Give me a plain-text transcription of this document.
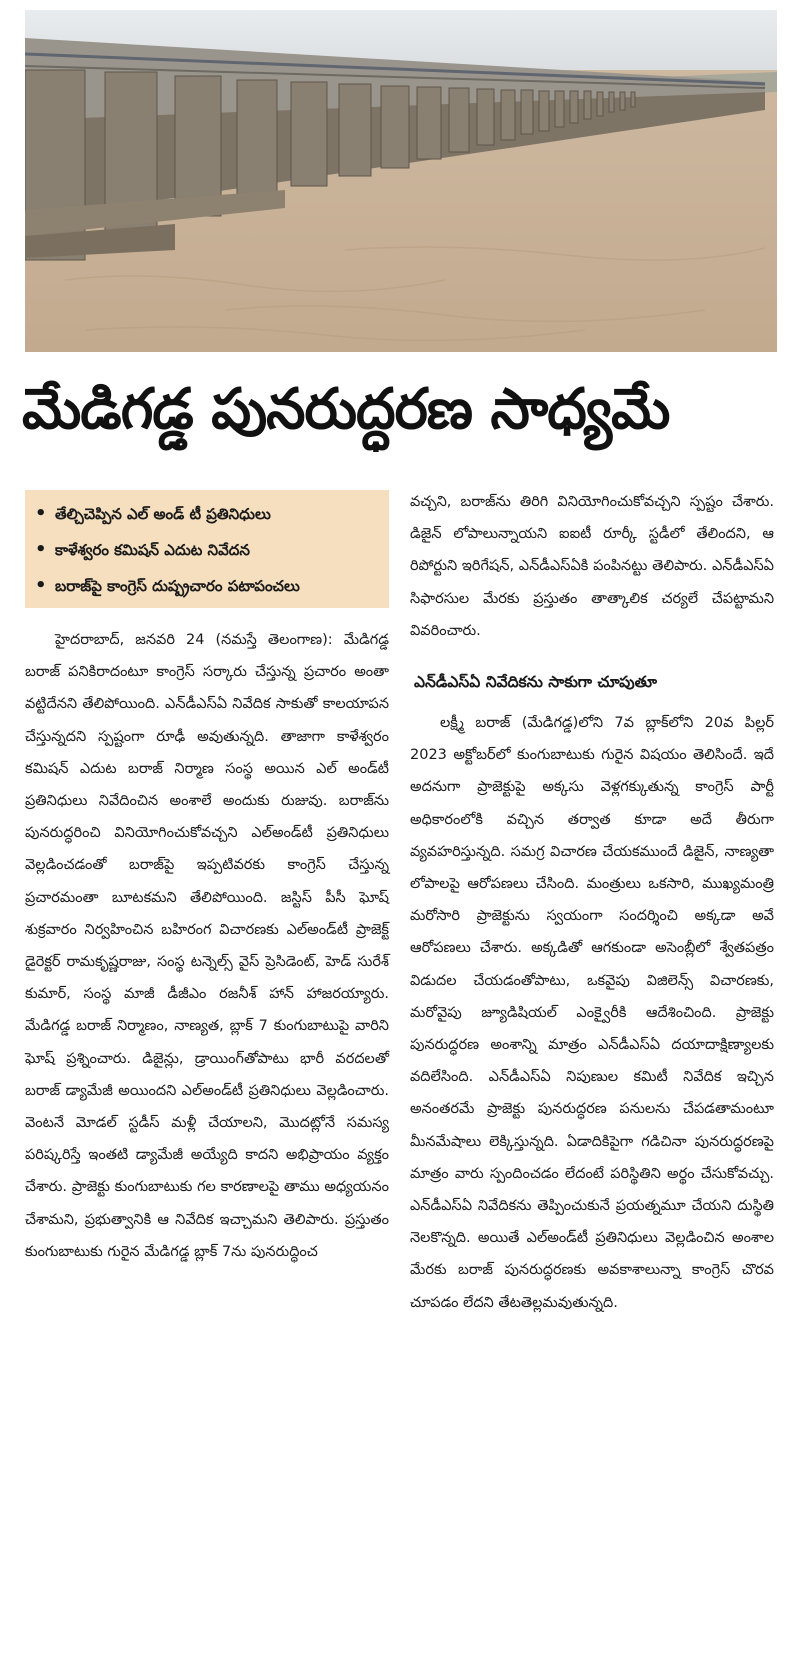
మేడిగడ్డ పునరుద్ధరణ సాధ్యమే
• తేల్చిచెప్పిన ఎల్‌ అండ్‌ టీ ప్రతినిధులు
• కాళేశ్వరం కమిషన్‌ ఎదుట నివేదన
• బరాజ్‌పై కాంగ్రెస్‌ దుష్ప్రచారం పటాపంచలు

హైదరాబాద్‌, జనవరి 24 (నమస్తే తెలంగాణ): మేడిగడ్డ బరాజ్‌ పనికిరాదంటూ కాంగ్రెస్‌ సర్కారు చేస్తున్న ప్రచారం అంతా వట్టిదేనని తేలిపోయింది. ఎన్‌డీఎస్‌ఏ నివేదిక సాకుతో కాలయాపన చేస్తున్నదని స్పష్టంగా రూఢీ అవుతున్నది. తాజాగా కాళేశ్వరం కమిషన్‌ ఎదుట బరాజ్‌ నిర్మాణ సంస్థ అయిన ఎల్‌ అండ్‌టీ ప్రతినిధులు నివేదించిన అంశాలే అందుకు రుజువు. బరాజ్‌ను పునరుద్ధరించి వినియోగించుకోవచ్చని ఎల్‌అండ్‌టీ ప్రతినిధులు వెల్లడించడంతో బరాజ్‌పై ఇప్పటివరకు కాంగ్రెస్‌ చేస్తున్న ప్రచారమంతా బూటకమని తేలిపోయింది. జస్టిస్‌ పీసీ ఘోష్‌ శుక్రవారం నిర్వహించిన బహిరంగ విచారణకు ఎల్‌అండ్‌టీ ప్రాజెక్ట్‌ డైరెక్టర్‌ రామకృష్ణరాజు, సంస్థ టన్నెల్స్‌ వైస్‌ ప్రెసిడెంట్‌, హెడ్‌ సురేశ్‌ కుమార్‌, సంస్థ మాజీ డీజీఎం రజనీశ్‌ హాన్‌ హాజరయ్యారు. మేడిగడ్డ బరాజ్‌ నిర్మాణం, నాణ్యత, బ్లాక్‌ 7 కుంగుబాటుపై వారిని ఘోష్‌ ప్రశ్నించారు. డిజైన్లు, డ్రాయింగ్‌తోపాటు భారీ వరదలతో బరాజ్‌ డ్యామేజీ అయిందని ఎల్‌అండ్‌టీ ప్రతినిధులు వెల్లడించారు. వెంటనే మోడల్‌ స్టడీస్‌ మళ్లీ చేయాలని, మొదట్లోనే సమస్య పరిష్కరిస్తే ఇంతటి డ్యామేజీ అయ్యేది కాదని అభిప్రాయం వ్యక్తం చేశారు. ప్రాజెక్టు కుంగుబాటుకు గల కారణాలపై తాము అధ్యయనం చేశామని, ప్రభుత్వానికి ఆ నివేదిక ఇచ్చామని తెలిపారు. ప్రస్తుతం కుంగుబాటుకు గురైన మేడిగడ్డ బ్లాక్‌ 7ను పునరుద్ధించ

వచ్చని, బరాజ్‌ను తిరిగి వినియోగించుకోవచ్చని స్పష్టం చేశారు. డిజైన్‌ లోపాలున్నాయని ఐఐటీ రూర్కీ స్టడీలో తేలిందని, ఆ రిపోర్టుని ఇరిగేషన్‌, ఎన్‌డీఎస్‌ఏకి పంపినట్టు తెలిపారు. ఎన్‌డీఎస్‌ఏ సిఫారసుల మేరకు ప్రస్తుతం తాత్కాలిక చర్యలే చేపట్టామని వివరించారు.

ఎన్‌డీఎస్‌ఏ నివేదికను సాకుగా చూపుతూ

లక్ష్మీ బరాజ్‌ (మేడిగడ్డ)లోని 7వ బ్లాక్‌లోని 20వ పిల్లర్‌ 2023 అక్టోబర్‌లో కుంగుబాటుకు గురైన విషయం తెలిసిందే. ఇదే అదనుగా ప్రాజెక్టుపై అక్కసు వెళ్లగక్కుతున్న కాంగ్రెస్‌ పార్టీ అధికారంలోకి వచ్చిన తర్వాత కూడా అదే తీరుగా వ్యవహరిస్తున్నది. సమగ్ర విచారణ చేయకముందే డిజైన్‌, నాణ్యతా లోపాలపై ఆరోపణలు చేసింది. మంత్రులు ఒకసారి, ముఖ్యమంత్రి మరోసారి ప్రాజెక్టును స్వయంగా సందర్శించి అక్కడా అవే ఆరోపణలు చేశారు. అక్కడితో ఆగకుండా అసెంబ్లీలో శ్వేతపత్రం విడుదల చేయడంతోపాటు, ఒకవైపు విజిలెన్స్‌ విచారణకు, మరోవైపు జ్యూడిషియల్‌ ఎంక్వైరీకి ఆదేశించింది. ప్రాజెక్టు పునరుద్ధరణ అంశాన్ని మాత్రం ఎన్‌డీఎస్‌ఏ దయాదాక్షిణ్యాలకు వదిలేసింది. ఎన్‌డీఎస్‌ఏ నిపుణుల కమిటీ నివేదిక ఇచ్చిన అనంతరమే ప్రాజెక్టు పునరుద్ధరణ పనులను చేపడతామంటూ మీనమేషాలు లెక్కిస్తున్నది. ఏడాదికిపైగా గడిచినా పునరుద్ధరణపై మాత్రం వారు స్పందించడం లేదంటే పరిస్థితిని అర్థం చేసుకోవచ్చు. ఎన్‌డీఎస్‌ఏ నివేదికను తెప్పించుకునే ప్రయత్నమూ చేయని దుస్థితి నెలకొన్నది. అయితే ఎల్‌అండ్‌టీ ప్రతినిధులు వెల్లడించిన అంశాల మేరకు బరాజ్‌ పునరుద్ధరణకు అవకాశాలున్నా కాంగ్రెస్‌ చొరవ చూపడం లేదని తేటతెల్లమవుతున్నది.
